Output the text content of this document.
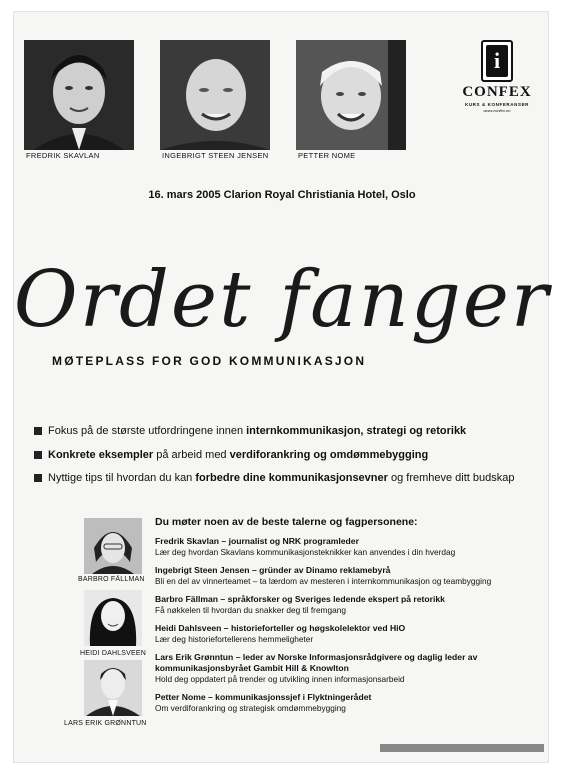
FREDRIK SKAVLAN	INGEBRIGT STEEN JENSEN	PETTER NOME
i
CONFEX
KURS & KONFERANSER
www.confex.no
16. mars 2005 Clarion Royal Christiania Hotel, Oslo
Ordet fanger
MØTEPLASS FOR GOD KOMMUNIKASJON
Fokus på de største utfordringene innen internkommunikasjon, strategi og retorikk
Konkrete eksempler på arbeid med verdiforankring og omdømmebygging
Nyttige tips til hvordan du kan forbedre dine kommunikasjonsevner og fremheve ditt budskap
BARBRO FÄLLMAN
HEIDI DAHLSVEEN
LARS ERIK GRØNNTUN
Du møter noen av de beste talerne og fagpersonene:
Fredrik Skavlan – journalist og NRK programleder
Lær deg hvordan Skavlans kommunikasjonsteknikker kan anvendes i din hverdag
Ingebrigt Steen Jensen – gründer av Dinamo reklamebyrå
Bli en del av vinnerteamet – ta lærdom av mesteren i internkommunikasjon og teambygging
Barbro Fällman – språkforsker og Sveriges ledende ekspert på retorikk
Få nøkkelen til hvordan du snakker deg til fremgang
Heidi Dahlsveen – historieforteller og høgskolelektor ved HiO
Lær deg historiefortellerens hemmeligheter
Lars Erik Grønntun – leder av Norske Informasjonsrådgivere og daglig leder av kommunikasjonsbyrået Gambit Hill & Knowlton
Hold deg oppdatert på trender og utvikling innen informasjonsarbeid
Petter Nome – kommunikasjonssjef i Flyktningerådet
Om verdiforankring og strategisk omdømmebygging
